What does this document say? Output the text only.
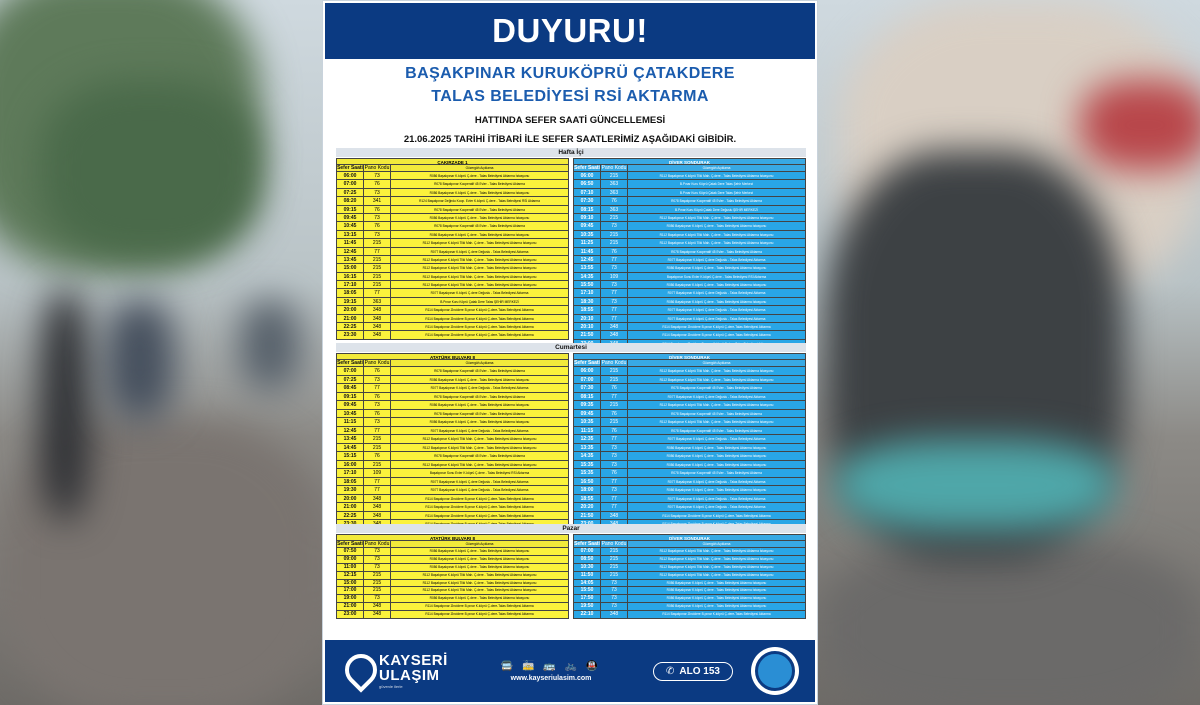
DUYURU!
BAŞAKPINAR KURUKÖPRÜ ÇATAKDERE
TALAS BELEDİYESİ RSİ AKTARMA
HATTINDA SEFER SAATİ GÜNCELLEMESİ
21.06.2025 TARİHİ İTİBARİ İLE SEFER SAATLERİMİZ AŞAĞIDAKİ GİBİDİR.
Hafta İçi
ÇAKIRZADE 1
Sefer Saati Pano Kodu	Güzergâh Açıklama
06:00	73	R086 Başakpınar K.köprü Ç.dere - Talas Belediyesi Aktarma İstasyonu
07:00	76	R078 Başakpınar Kooperatif 45 Evler - Talas Belediyesi Aktarma
07:25	73	R086 Başakpınar K.köprü Ç.dere - Talas Belediyesi Aktarma İstasyonu
08:20	341	R124 Başakpınar Değirdu Koop. Evler K.köprü Ç.dere - Talas Belediyesi RSİ Aktarma
09:15	76	R078 Başakpınar Kooperatif 45 Evler - Talas Belediyesi Aktarma
09:45	73	R086 Başakpınar K.köprü Ç.dere - Talas Belediyesi Aktarma İstasyonu
10:45	76	R078 Başakpınar Kooperatif 45 Evler - Talas Belediyesi Aktarma
13:15	73	R086 Başakpınar K.köprü Ç.dere - Talas Belediyesi Aktarma İstasyonu
11:45	215	R112 Başakpınar K.köprü Tilki Mah. Ç.dere - Talas Belediyesi Aktarma İstasyonu
12:45	77	R077 Başakpınar K.köprü Ç.dere Değuslu - Talas Belediyesi Aktarma
13:45	215	R112 Başakpınar K.köprü Tilki Mah. Ç.dere - Talas Belediyesi Aktarma İstasyonu
15:00	215	R112 Başakpınar K.köprü Tilki Mah. Ç.dere - Talas Belediyesi Aktarma İstasyonu
16:15	215	R112 Başakpınar K.köprü Tilki Mah. Ç.dere - Talas Belediyesi Aktarma İstasyonu
17:10	215	R112 Başakpınar K.köprü Tilki Mah. Ç.dere - Talas Belediyesi Aktarma İstasyonu
18:05	77	R077 Başakpınar K.köprü Ç.dere Değuslu - Talas Belediyesi Aktarma
19:15	363	B.Pınar Kuru Köprü Çatak Dere Talas ŞEHİR MERKEZİ
20:00	348	R114 Başakpınar Zincidere B.pınar K.köprü Ç.dere-Talas Belediyesi Aktarma
21:00	348	R114 Başakpınar Zincidere B.pınar K.köprü Ç.dere-Talas Belediyesi Aktarma
22:25	348	R114 Başakpınar Zincidere B.pınar K.köprü Ç.dere-Talas Belediyesi Aktarma
23:30	348	R114 Başakpınar Zincidere B.pınar K.köprü Ç.dere-Talas Belediyesi Aktarma
DİVER SONDURAK
Sefer Saati Pano Kodu	Güzergâh Açıklama
06:00	215	R112 Başakpınar K.köprü Tilki Mah. Ç.dere - Talas Belediyesi Aktarma İstasyonu
06:50	363	B.Pınar Kuru Köprü Çatak Dere Talas Şehir Merkezi
07:10	363	B.Pınar Kuru Köprü Çatak Dere Talas Şehir Merkezi
07:30	76	R078 Başakpınar Kooperatif 45 Evler - Talas Belediyesi Aktarma
08:15	363	B.Pınar Kuru Köprü Çatak Dere Değuslu ŞEHİR MERKEZİ
09:10	215	R112 Başakpınar K.köprü Tilki Mah. Ç.dere - Talas Belediyesi Aktarma İstasyonu
09:45	73	R086 Başakpınar K.köprü Ç.dere - Talas Belediyesi Aktarma İstasyonu
10:35	215	R112 Başakpınar K.köprü Tilki Mah. Ç.dere - Talas Belediyesi Aktarma İstasyonu
11:25	215	R112 Başakpınar K.köprü Tilki Mah. Ç.dere - Talas Belediyesi Aktarma İstasyonu
11:45	76	R078 Başakpınar Kooperatif 45 Evler - Talas Belediyesi Aktarma
12:45	77	R077 Başakpınar K.köprü Ç.dere Değuslu - Talas Belediyesi Aktarma
13:55	73	R086 Başakpınar K.köprü Ç.dere - Talas Belediyesi Aktarma İstasyonu
14:35	109	Başakpınar Sonu Evler K.köprü Ç.dere - Talas Belediyesi RSİ Aktarma
15:50	73	R086 Başakpınar K.köprü Ç.dere - Talas Belediyesi Aktarma İstasyonu
17:10	77	R077 Başakpınar K.köprü Ç.dere Değuslu - Talas Belediyesi Aktarma
18:30	73	R086 Başakpınar K.köprü Ç.dere - Talas Belediyesi Aktarma İstasyonu
18:55	77	R077 Başakpınar K.köprü Ç.dere Değuslu - Talas Belediyesi Aktarma
20:10	77	R077 Başakpınar K.köprü Ç.dere Değuslu - Talas Belediyesi Aktarma
20:10	348	R114 Başakpınar Zincidere B.pınar K.köprü Ç.dere-Talas Belediyesi Aktarma
21:50	348	R114 Başakpınar Zincidere B.pınar K.köprü Ç.dere-Talas Belediyesi Aktarma
Cumartesi
ATATÜRK BULVARI 8
Sefer Saati Pano Kodu	Güzergâh Açıklama
07:00	76	R078 Başakpınar Kooperatif 45 Evler - Talas Belediyesi Aktarma
07:25	73	R086 Başakpınar K.köprü Ç.dere - Talas Belediyesi Aktarma İstasyonu
08:45	77	R077 Başakpınar K.köprü Ç.dere Değuslu - Talas Belediyesi Aktarma
09:15	76	R078 Başakpınar Kooperatif 45 Evler - Talas Belediyesi Aktarma
09:45	73	R086 Başakpınar K.köprü Ç.dere - Talas Belediyesi Aktarma İstasyonu
10:45	76	R078 Başakpınar Kooperatif 45 Evler - Talas Belediyesi Aktarma
11:15	73	R086 Başakpınar K.köprü Ç.dere - Talas Belediyesi Aktarma İstasyonu
12:45	77	R077 Başakpınar K.köprü Ç.dere Değuslu - Talas Belediyesi Aktarma
13:45	215	R112 Başakpınar K.köprü Tilki Mah. Ç.dere - Talas Belediyesi Aktarma İstasyonu
14:45	215	R112 Başakpınar K.köprü Tilki Mah. Ç.dere - Talas Belediyesi Aktarma İstasyonu
15:15	76	R078 Başakpınar Kooperatif 45 Evler - Talas Belediyesi Aktarma
16:00	215	R112 Başakpınar K.köprü Tilki Mah. Ç.dere - Talas Belediyesi Aktarma İstasyonu
17:10	109	Başakpınar Sonu Evler K.köprü Ç.dere - Talas Belediyesi RSİ Aktarma
18:05	77	R077 Başakpınar K.köprü Ç.dere Değuslu - Talas Belediyesi Aktarma
19:30	77	R077 Başakpınar K.köprü Ç.dere Değuslu - Talas Belediyesi Aktarma
20:00	348	R114 Başakpınar Zincidere B.pınar K.köprü Ç.dere-Talas Belediyesi Aktarma
21:00	348	R114 Başakpınar Zincidere B.pınar K.köprü Ç.dere-Talas Belediyesi Aktarma
22:25	348	R114 Başakpınar Zincidere B.pınar K.köprü Ç.dere-Talas Belediyesi Aktarma
DİVER SONDURAK
Sefer Saati Pano Kodu	Güzergâh Açıklama
06:00	215	R112 Başakpınar K.köprü Tilki Mah. Ç.dere - Talas Belediyesi Aktarma İstasyonu
07:00	215	R112 Başakpınar K.köprü Tilki Mah. Ç.dere - Talas Belediyesi Aktarma İstasyonu
07:30	76	R078 Başakpınar Kooperatif 45 Evler - Talas Belediyesi Aktarma
08:15	77	R077 Başakpınar K.köprü Ç.dere Değuslu - Talas Belediyesi Aktarma
09:35	215	R112 Başakpınar K.köprü Tilki Mah. Ç.dere - Talas Belediyesi Aktarma İstasyonu
09:45	76	R078 Başakpınar Kooperatif 45 Evler - Talas Belediyesi Aktarma
10:35	215	R112 Başakpınar K.köprü Tilki Mah. Ç.dere - Talas Belediyesi Aktarma İstasyonu
11:15	76	R078 Başakpınar Kooperatif 45 Evler - Talas Belediyesi Aktarma
12:35	77	R077 Başakpınar K.köprü Ç.dere Değuslu - Talas Belediyesi Aktarma
13:35	73	R086 Başakpınar K.köprü Ç.dere - Talas Belediyesi Aktarma İstasyonu
14:35	73	R086 Başakpınar K.köprü Ç.dere - Talas Belediyesi Aktarma İstasyonu
15:35	73	R086 Başakpınar K.köprü Ç.dere - Talas Belediyesi Aktarma İstasyonu
15:35	76	R078 Başakpınar Kooperatif 45 Evler - Talas Belediyesi Aktarma
16:50	77	R077 Başakpınar K.köprü Ç.dere Değuslu - Talas Belediyesi Aktarma
18:00	73	R086 Başakpınar K.köprü Ç.dere - Talas Belediyesi Aktarma İstasyonu
18:55	77	R077 Başakpınar K.köprü Ç.dere Değuslu - Talas Belediyesi Aktarma
20:20	77	R077 Başakpınar K.köprü Ç.dere Değuslu - Talas Belediyesi Aktarma
21:50	348	R114 Başakpınar Zincidere B.pınar K.köprü Ç.dere-Talas Belediyesi Aktarma
Pazar
ATATÜRK BULVARI 8
Sefer Saati Pano Kodu	Güzergâh Açıklama
07:50	73	R086 Başakpınar K.köprü Ç.dere - Talas Belediyesi Aktarma İstasyonu
09:00	73	R086 Başakpınar K.köprü Ç.dere - Talas Belediyesi Aktarma İstasyonu
11:00	73	R086 Başakpınar K.köprü Ç.dere - Talas Belediyesi Aktarma İstasyonu
12:15	215	R112 Başakpınar K.köprü Tilki Mah. Ç.dere - Talas Belediyesi Aktarma İstasyonu
15:00	215	R112 Başakpınar K.köprü Tilki Mah. Ç.dere - Talas Belediyesi Aktarma İstasyonu
17:00	215	R112 Başakpınar K.köprü Tilki Mah. Ç.dere - Talas Belediyesi Aktarma İstasyonu
19:00	73	R086 Başakpınar K.köprü Ç.dere - Talas Belediyesi Aktarma İstasyonu
21:00	348	R114 Başakpınar Zincidere B.pınar K.köprü Ç.dere-Talas Belediyesi Aktarma
23:00	348	R114 Başakpınar Zincidere B.pınar K.köprü Ç.dere-Talas Belediyesi Aktarma
DİVER SONDURAK
Sefer Saati Pano Kodu	Güzergâh Açıklama
07:00	215	R112 Başakpınar K.köprü Tilki Mah. Ç.dere - Talas Belediyesi Aktarma İstasyonu
08:50	215	R112 Başakpınar K.köprü Tilki Mah. Ç.dere - Talas Belediyesi Aktarma İstasyonu
10:30	215	R112 Başakpınar K.köprü Tilki Mah. Ç.dere - Talas Belediyesi Aktarma İstasyonu
11:50	215	R112 Başakpınar K.köprü Tilki Mah. Ç.dere - Talas Belediyesi Aktarma İstasyonu
14:05	73	R086 Başakpınar K.köprü Ç.dere - Talas Belediyesi Aktarma İstasyonu
15:50	73	R086 Başakpınar K.köprü Ç.dere - Talas Belediyesi Aktarma İstasyonu
17:50	73	R086 Başakpınar K.köprü Ç.dere - Talas Belediyesi Aktarma İstasyonu
19:50	73	R086 Başakpınar K.köprü Ç.dere - Talas Belediyesi Aktarma İstasyonu
22:10	348	R114 Başakpınar Zincidere B.pınar K.köprü Ç.dere-Talas Belediyesi Aktarma
KAYSERİ
ULAŞIM
güvenle ilerle
🚍 🚋 🚌 🚲 🚇
www.kayseriulasim.com
✆ ALO 153
